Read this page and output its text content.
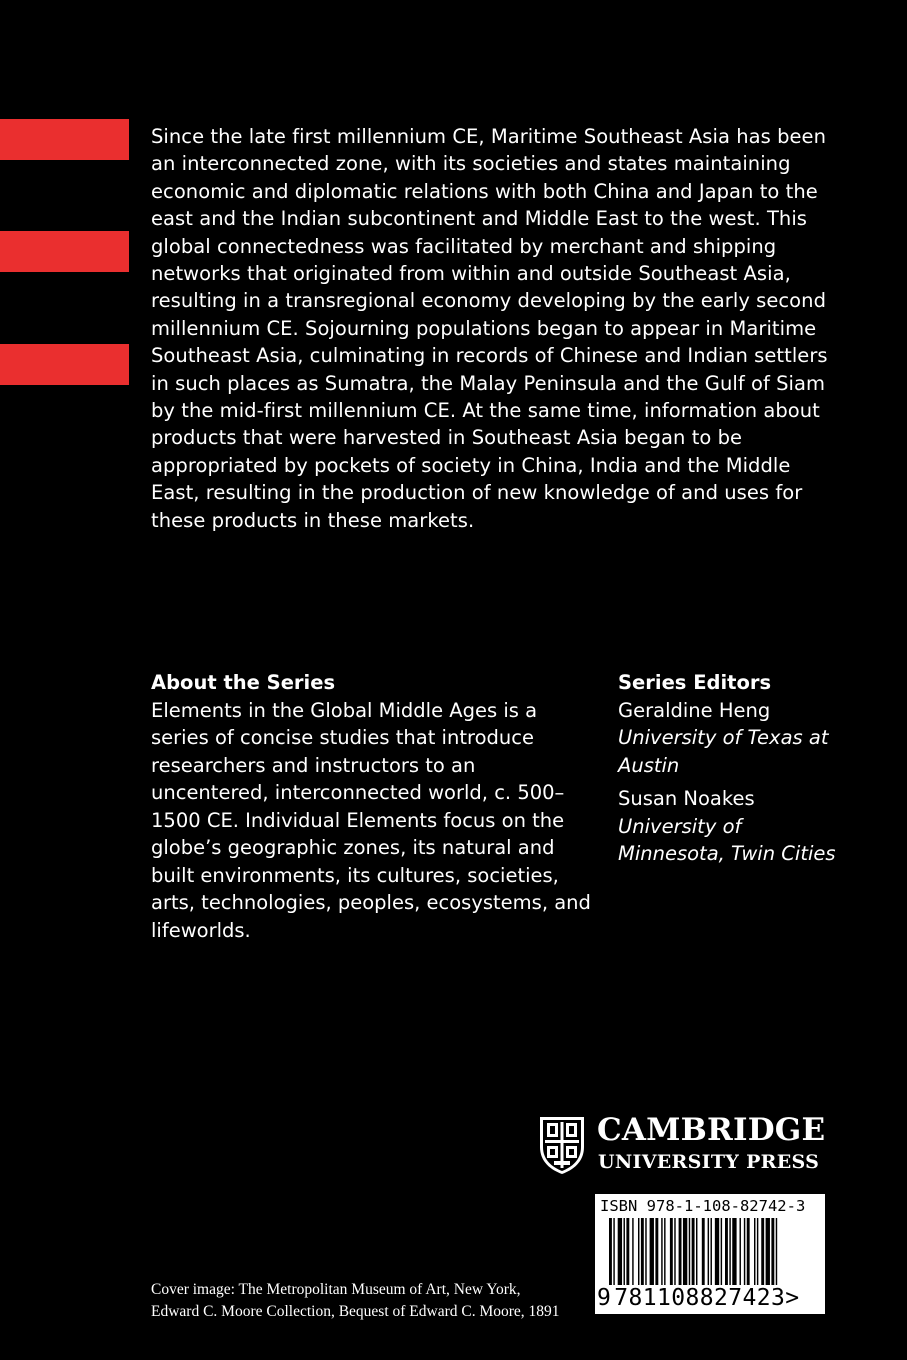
Since the late first millennium CE, Maritime Southeast Asia has been an interconnected zone, with its societies and states maintaining economic and diplomatic relations with both China and Japan to the east and the Indian subcontinent and Middle East to the west. This global connectedness was facilitated by merchant and shipping networks that originated from within and outside Southeast Asia, resulting in a transregional economy developing by the early second millennium CE. Sojourning populations began to appear in Maritime Southeast Asia, culminating in records of Chinese and Indian settlers in such places as Sumatra, the Malay Peninsula and the Gulf of Siam by the mid-first millennium CE. At the same time, information about products that were harvested in Southeast Asia began to be appropriated by pockets of society in China, India and the Middle East, resulting in the production of new knowledge of and uses for these products in these markets.

About the Series

Elements in the Global Middle Ages is a series of concise studies that introduce researchers and instructors to an uncentered, interconnected world, c. 500–1500 CE. Individual Elements focus on the globe’s geographic zones, its natural and built environments, its cultures, societies, arts, technologies, peoples, ecosystems, and lifeworlds.

Series Editors

Geraldine Heng
University of Texas at Austin

Susan Noakes
University of Minnesota, Twin Cities

CAMBRIDGE
UNIVERSITY PRESS
ISBN 978-1-108-82742-3
9 781108827423>

Cover image: The Metropolitan Museum of Art, New York,
Edward C. Moore Collection, Bequest of Edward C. Moore, 1891
